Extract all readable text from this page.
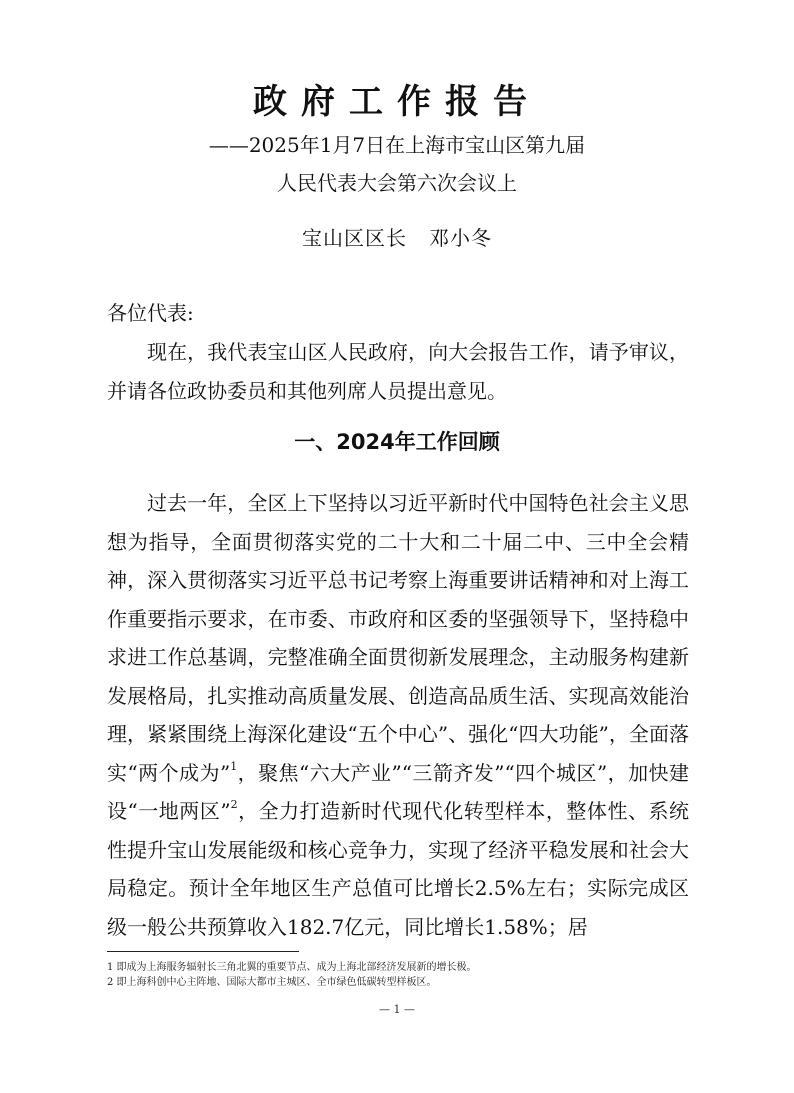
政府工作报告
——2025年1月7日在上海市宝山区第九届
人民代表大会第六次会议上
宝山区区长 邓小冬
各位代表:

现在，我代表宝山区人民政府，向大会报告工作，请予审议，并请各位政协委员和其他列席人员提出意见。

一、2024年工作回顾

过去一年，全区上下坚持以习近平新时代中国特色社会主义思想为指导，全面贯彻落实党的二十大和二十届二中、三中全会精神，深入贯彻落实习近平总书记考察上海重要讲话精神和对上海工作重要指示要求，在市委、市政府和区委的坚强领导下，坚持稳中求进工作总基调，完整准确全面贯彻新发展理念，主动服务构建新发展格局，扎实推动高质量发展、创造高品质生活、实现高效能治理，紧紧围绕上海深化建设“五个中心”、强化“四大功能”，全面落实“两个成为”$^1$，聚焦“六大产业”“三箭齐发”“四个城区”，加快建设“一地两区”$^2$，全力打造新时代现代化转型样本，整体性、系统性提升宝山发展能级和核心竞争力，实现了经济平稳发展和社会大局稳定。预计全年地区生产总值可比增长2.5%左右；实际完成区级一般公共预算收入182.7亿元，同比增长1.58%；居

1 即成为上海服务辐射长三角北翼的重要节点、成为上海北部经济发展新的增长极。
2 即上海科创中心主阵地、国际大都市主城区、全市绿色低碳转型样板区。
— 1 —
